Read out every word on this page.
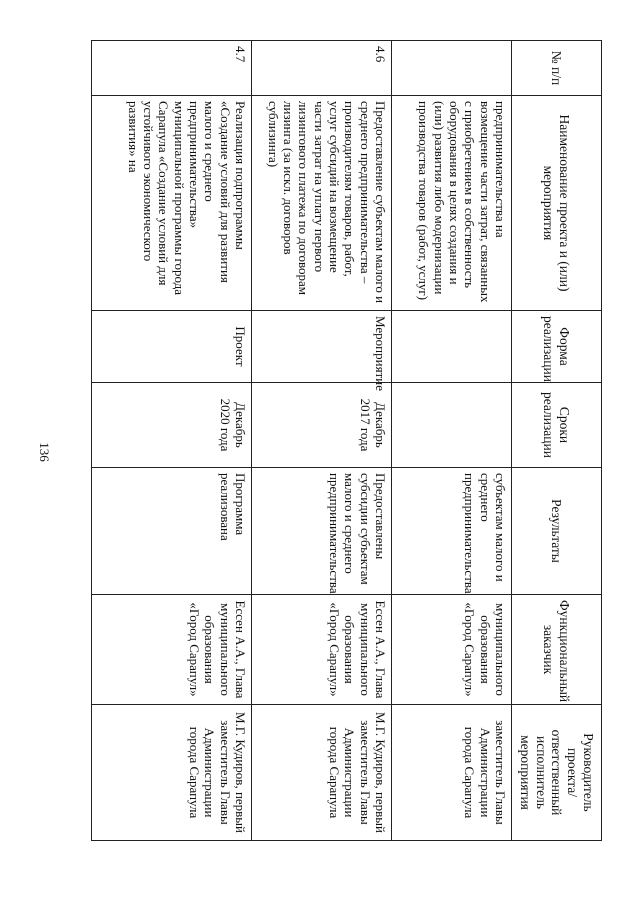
136
№ п/п	Наименование проекта и (или) мероприятия	Форма реализации	Сроки реализации	Результаты	Функциональный заказчик	Руководитель проекта/ ответственный исполнитель мероприятия
	предпринимательства на возмещение части затрат, связанных с приобретением в собственность оборудования в целях создания и (или) развития либо модернизации производства товаров (работ, услуг)			субъектам малого и среднего предпринимательства	муниципального образования «Город Сарапул»	заместитель Главы Администрации города Сарапула
4.6	Предоставление субъектам малого и среднего предпринимательства – производителям товаров, работ, услуг субсидий на возмещение части затрат на уплату первого лизингового платежа по договорам лизинга (за искл. договоров сублизинга)	Мероприятие	Декабрь 2017 года	Предоставлены субсидии субъектам малого и среднего предпринимательства	Ессен А.А., Глава муниципального образования «Город Сарапул»	М.Г. Кудиров, первый заместитель Главы Администрации города Сарапула
4.7	Реализация подпрограммы «Создание условий для развития малого и среднего предпринимательства» муниципальной программы города Сарапула «Создание условий для устойчивого экономического развития» на	Проект	Декабрь 2020 года	Программа реализована	Ессен А.А., Глава муниципального образования «Город Сарапул»	М.Г. Кудиров, первый заместитель Главы Администрации города Сарапула
